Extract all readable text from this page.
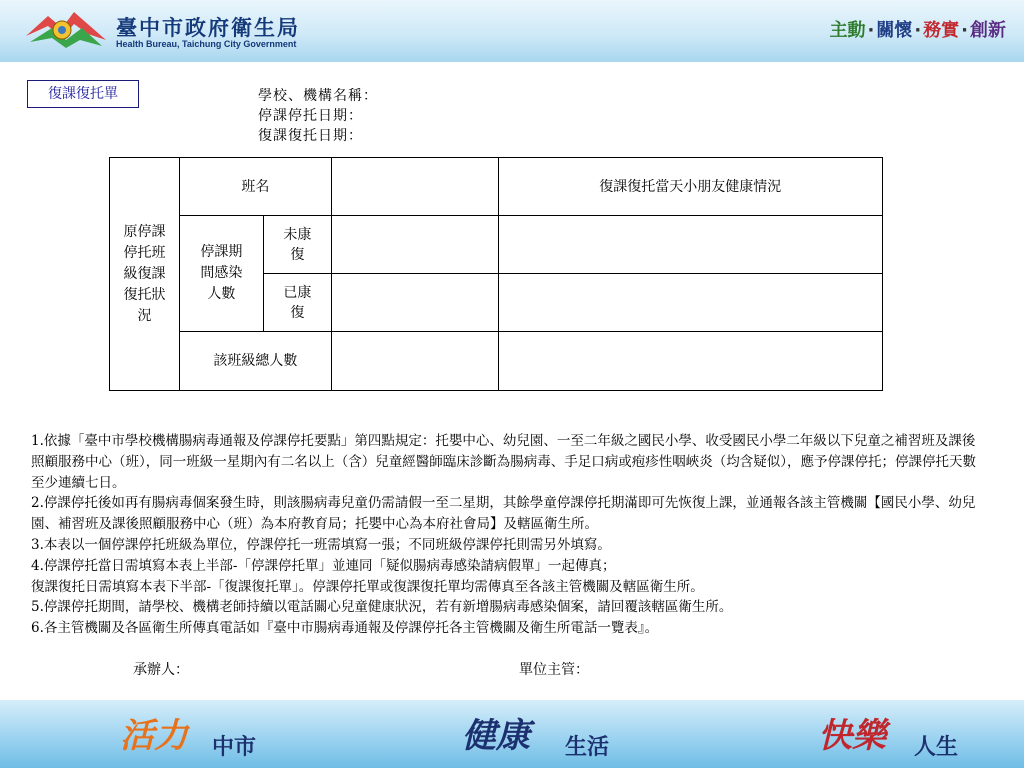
臺中市政府衛生局
Health Bureau, Taichung City Government
主動 · 關懷 · 務實 · 創新
復課復托單	學校、機構名稱：
停課停托日期：
復課復托日期：
原停課停托班級復課復托狀況	班名			復課復托當天小朋友健康情況

	停課期間感染人數	未康復		

		已康復		

	該班級總人數			

1.依據「臺中市學校機構腸病毒通報及停課停托要點」第四點規定：托嬰中心、幼兒園、一至二年級之國民小學、收受國民小學二年級以下兒童之補習班及課後照顧服務中心（班），同一班級一星期內有二名以上（含）兒童經醫師臨床診斷為腸病毒、手足口病或疱疹性咽峽炎（均含疑似），應予停課停托；停課停托天數至少連續七日。

2.停課停托後如再有腸病毒個案發生時，則該腸病毒兒童仍需請假一至二星期，其餘學童停課停托期滿即可先恢復上課，並通報各該主管機關【國民小學、幼兒園、補習班及課後照顧服務中心（班）為本府教育局；托嬰中心為本府社會局】及轄區衛生所。

3.本表以一個停課停托班級為單位，停課停托一班需填寫一張；不同班級停課停托則需另外填寫。

4.停課停托當日需填寫本表上半部-「停課停托單」並連同「疑似腸病毒感染請病假單」一起傳真；

復課復托日需填寫本表下半部-「復課復托單」。停課停托單或復課復托單均需傳真至各該主管機關及轄區衛生所。

5.停課停托期間，請學校、機構老師持續以電話關心兒童健康狀況，若有新增腸病毒感染個案，請回覆該轄區衛生所。

6.各主管機關及各區衛生所傳真電話如『臺中市腸病毒通報及停課停托各主管機關及衛生所電話一覽表』。

承辦人：	單位主管：
活力 中市	健康 生活	快樂 人生
